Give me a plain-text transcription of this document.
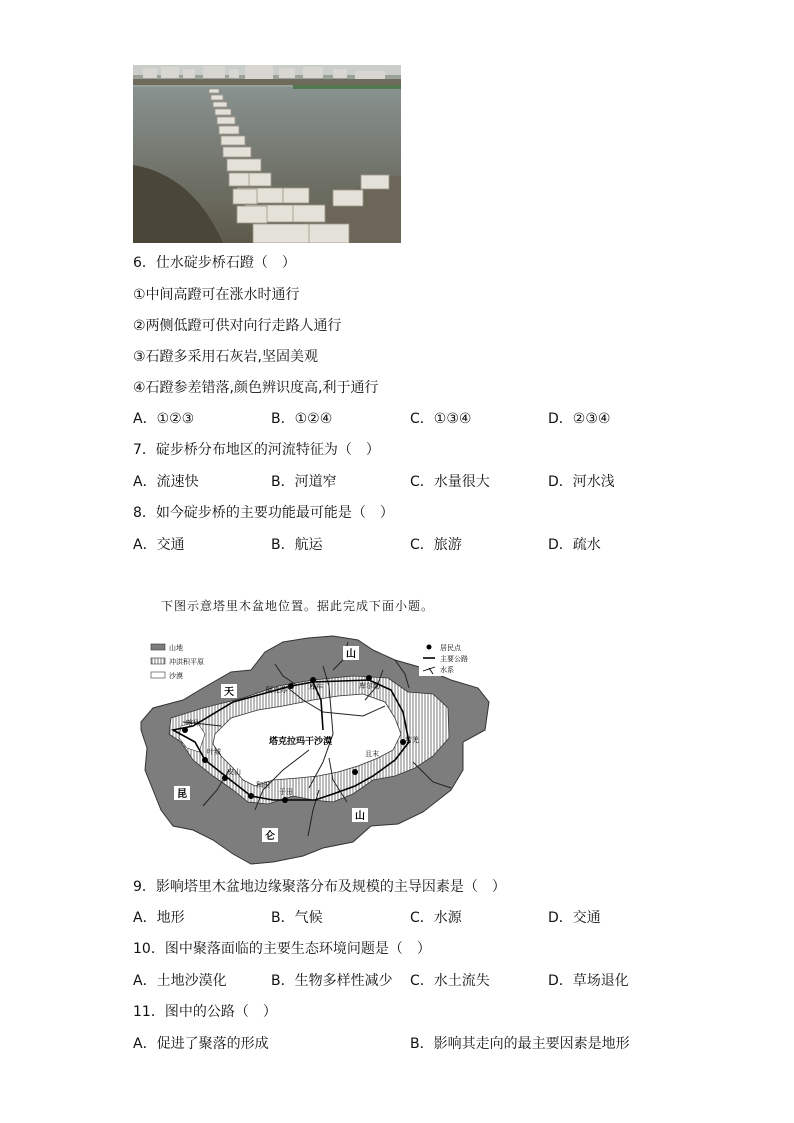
6．仕水碇步桥石蹬（　）
①中间高蹬可在涨水时通行
②两侧低蹬可供对向行走路人通行
③石蹬多采用石灰岩,坚固美观
④石蹬参差错落,颜色辨识度高,利于通行
A．①②③	B．①②④	C．①③④	D．②③④
7．碇步桥分布地区的河流特征为（　）
A．流速快	B．河道窄	C．水量很大	D．河水浅
8．如今碇步桥的主要功能最可能是（　）
A．交通	B．航运	C．旅游	D．疏水
下图示意塔里木盆地位置。据此完成下面小题。
阿克苏	库车	库尔勒
喀什
叶城
皮山
和田
于田
且末
若羌
塔克拉玛干沙漠
天
山
昆
仑
山
山地
冲洪积平原
沙漠
居民点
主要公路
水系
9．影响塔里木盆地边缘聚落分布及规模的主导因素是（　）
A．地形	B．气候	C．水源	D．交通
10．图中聚落面临的主要生态环境问题是（　）
A．土地沙漠化	B．生物多样性减少 C．水土流失	D．草场退化
11．图中的公路（　）
A．促进了聚落的形成	B．影响其走向的最主要因素是地形
